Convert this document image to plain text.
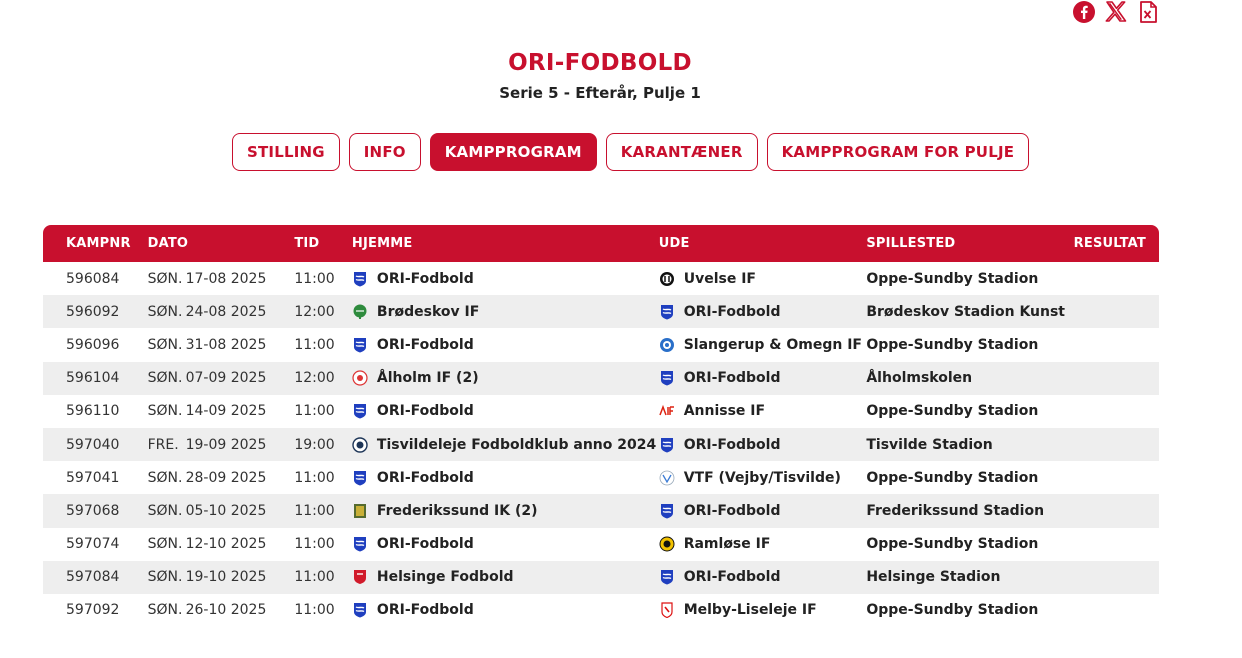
ORI-FODBOLD
Serie 5 - Efterår, Pulje 1
STILLING	INFO	KAMPPROGRAM	KARANTÆNER	KAMPPROGRAM FOR PULJE
KAMPNR	DATO	TID	HJEMME	UDE	SPILLESTED	RESULTAT
596084	SØN. 17-08 2025	11:00	ORI-Fodbold	Uvelse IF	Oppe-Sundby Stadion	
596092	SØN. 24-08 2025	12:00	Brødeskov IF	ORI-Fodbold	Brødeskov Stadion Kunst	
596096	SØN. 31-08 2025	11:00	ORI-Fodbold	Slangerup & Omegn IF	Oppe-Sundby Stadion	
596104	SØN. 07-09 2025	12:00	Ålholm IF (2)	ORI-Fodbold	Ålholmskolen	
596110	SØN. 14-09 2025	11:00	ORI-Fodbold	Annisse IF	Oppe-Sundby Stadion	
597040	FRE. 19-09 2025	19:00	Tisvildeleje Fodboldklub anno 2024	ORI-Fodbold	Tisvilde Stadion	
597041	SØN. 28-09 2025	11:00	ORI-Fodbold	VTF (Vejby/Tisvilde)	Oppe-Sundby Stadion	
597068	SØN. 05-10 2025	11:00	Frederikssund IK (2)	ORI-Fodbold	Frederikssund Stadion	
597074	SØN. 12-10 2025	11:00	ORI-Fodbold	Ramløse IF	Oppe-Sundby Stadion	
597084	SØN. 19-10 2025	11:00	Helsinge Fodbold	ORI-Fodbold	Helsinge Stadion	
597092	SØN. 26-10 2025	11:00	ORI-Fodbold	Melby-Liseleje IF	Oppe-Sundby Stadion	
